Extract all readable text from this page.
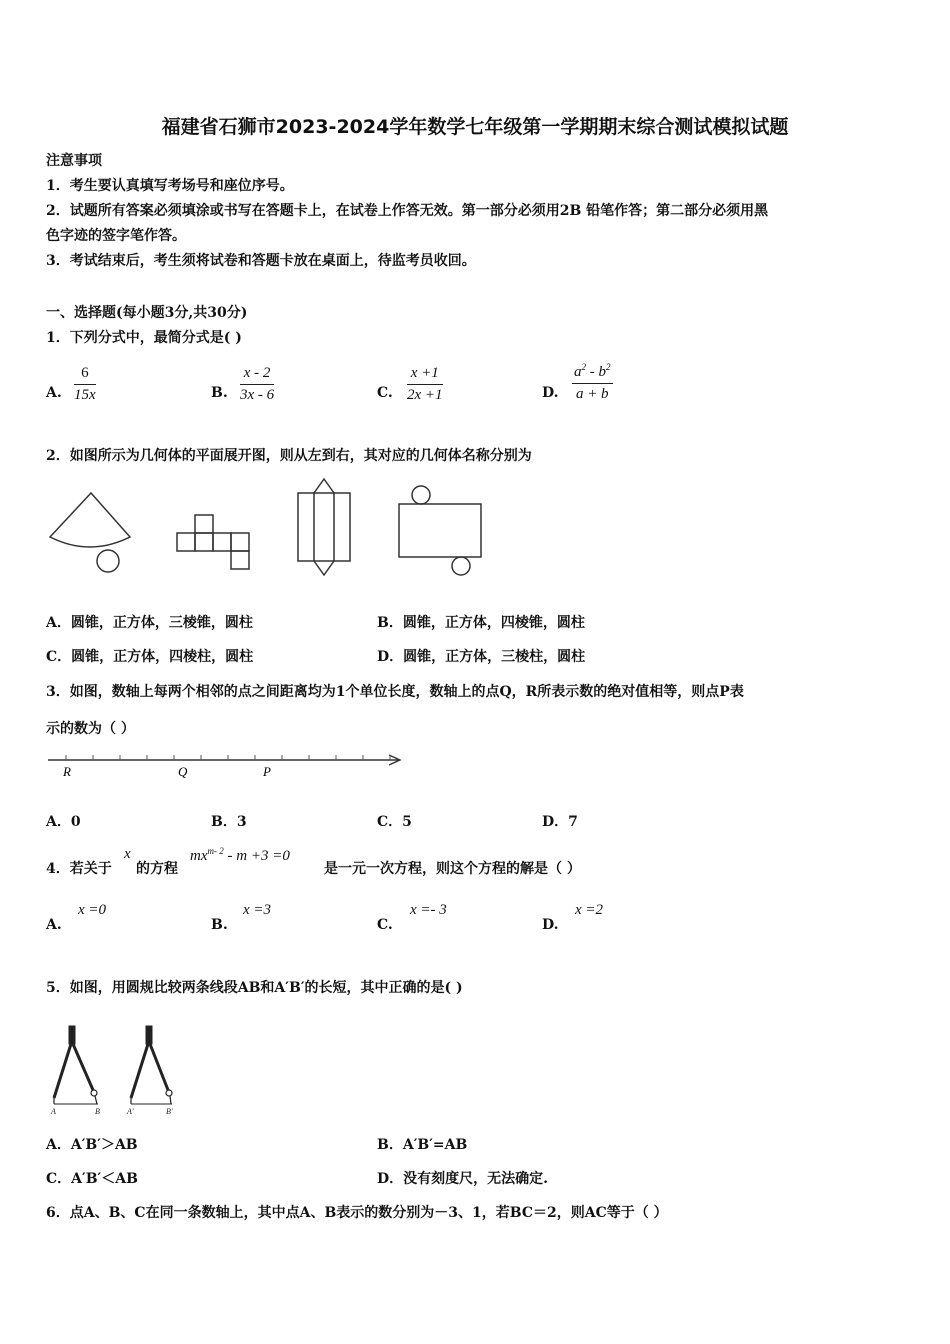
福建省石狮市2023-2024学年数学七年级第一学期期末综合测试模拟试题
注意事项
1．考生要认真填写考场号和座位序号。
2．试题所有答案必须填涂或书写在答题卡上，在试卷上作答无效。第一部分必须用2B 铅笔作答；第二部分必须用黑
色字迹的签字笔作答。
3．考试结束后，考生须将试卷和答题卡放在桌面上，待监考员收回。
一、选择题(每小题3分,共30分)
1．下列分式中，最简分式是( )
A. $\frac{6}{15x}$	B. $\frac{x - 2}{3x - 6}$	C. $\frac{x +1}{2x +1}$	D. $\frac{a^2 - b^2}{a + b}$
2．如图所示为几何体的平面展开图，则从左到右，其对应的几何体名称分别为
A．圆锥，正方体，三棱锥，圆柱	B．圆锥，正方体，四棱锥，圆柱
C．圆锥，正方体，四棱柱，圆柱	D．圆锥，正方体，三棱柱，圆柱
3．如图，数轴上每两个相邻的点之间距离均为1个单位长度，数轴上的点Q，R所表示数的绝对值相等，则点P表
示的数为（ ）
R	Q	P
A．0	B．3	C．5	D．7
4．若关于
x
的方程
$mx^{m- 2} - m +3 =0$
是一元一次方程，则这个方程的解是（ ）
A.
x =0
B.
x =3
C.
x =- 3
D.
x =2
5．如图，用圆规比较两条线段AB和A′B′的长短，其中正确的是( )
A	B	A′	B′
A．A′B′＞AB	B．A′B′=AB
C．A′B′＜AB	D．没有刻度尺，无法确定.
6．点A、B、C在同一条数轴上，其中点A、B表示的数分别为－3、1，若BC＝2，则AC等于（ ）
